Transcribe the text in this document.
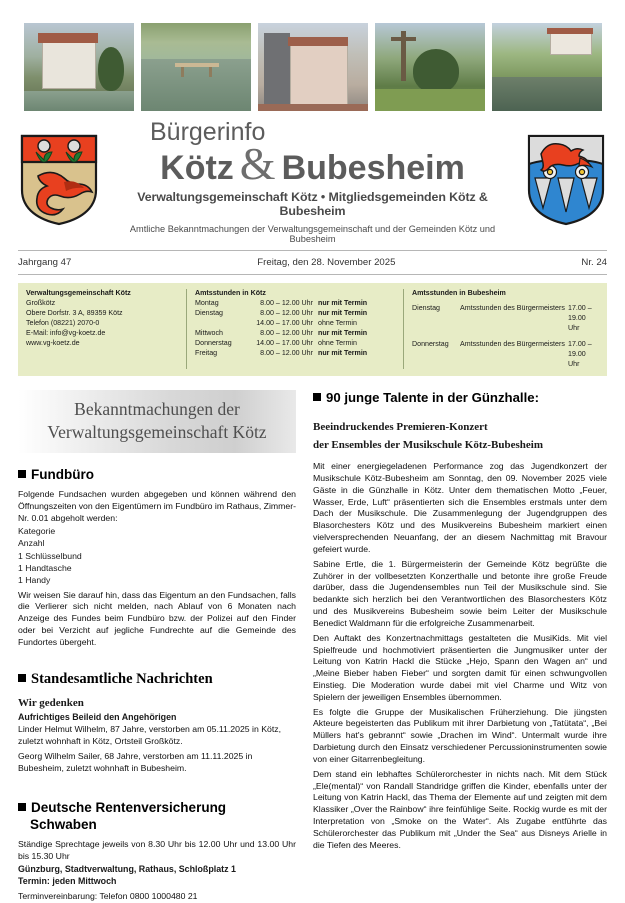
Bürgerinfo
Kötz & Bubesheim
Verwaltungsgemeinschaft Kötz • Mitgliedsgemeinden Kötz & Bubesheim
Amtliche Bekanntmachungen der Verwaltungsgemeinschaft und der Gemeinden Kötz und Bubesheim
Jahrgang 47	Freitag, den 28. November 2025	Nr. 24
Verwaltungsgemeinschaft Kötz
Großkötz
Obere Dorfstr. 3 A, 89359 Kötz
Telefon (08221) 2070-0
E-Mail: info@vg-koetz.de
www.vg-koetz.de
Amtsstunden in Kötz
Montag	8.00 – 12.00 Uhr nur mit Termin
Dienstag	8.00 – 12.00 Uhr nur mit Termin
14.00 – 17.00 Uhr ohne Termin
Mittwoch	8.00 – 12.00 Uhr nur mit Termin
Donnerstag	14.00 – 17.00 Uhr ohne Termin
Freitag	8.00 – 12.00 Uhr nur mit Termin
Amtsstunden in Bubesheim
Dienstag	Amtsstunden des Bürgermeisters 17.00 – 19.00 Uhr
Donnerstag	Amtsstunden des Bürgermeisters 17.00 – 19.00 Uhr
Bekanntmachungen der
Verwaltungsgemeinschaft Kötz
Fundbüro

Folgende Fundsachen wurden abgegeben und können während den Öffnungszeiten von den Eigentümern im Fundbüro im Rathaus, Zimmer-Nr. 0.01 abgeholt werden:

Kategorie
Anzahl
1 Schlüsselbund
1 Handtasche
1 Handy

Wir weisen Sie darauf hin, dass das Eigentum an den Fundsachen, falls die Verlierer sich nicht melden, nach Ablauf von 6 Monaten nach Anzeige des Fundes beim Fundbüro bzw. der Polizei auf den Finder oder bei Verzicht auf jegliche Fundrechte auf die Gemeinde des Fundortes übergeht.

Standesamtliche Nachrichten
Wir gedenken
Aufrichtiges Beileid den Angehörigen

Linder Helmut Wilhelm, 87 Jahre, verstorben am 05.11.2025 in Kötz, zuletzt wohnhaft in Kötz, Ortsteil Großkötz.

Georg Wilhelm Sailer, 68 Jahre, verstorben am 11.11.2025 in Bubesheim, zuletzt wohnhaft in Bubesheim.

Deutsche Rentenversicherung
Schwaben

Ständige Sprechtage jeweils von 8.30 Uhr bis 12.00 Uhr und 13.00 Uhr bis 15.30 Uhr

Günzburg, Stadtverwaltung, Rathaus, Schloßplatz 1
Termin: jeden Mittwoch

Terminvereinbarung: Telefon 0800 1000480 21

90 junge Talente in der Günzhalle:
Beeindruckendes Premieren-Konzert
der Ensembles der Musikschule Kötz-Bubesheim

Mit einer energiegeladenen Performance zog das Jugendkonzert der Musikschule Kötz-Bubesheim am Sonntag, den 09. November 2025 viele Gäste in die Günzhalle in Kötz. Unter dem thematischen Motto „Feuer, Wasser, Erde, Luft“ präsentierten sich die Ensembles erstmals unter dem Dach der Musikschule. Die Zusammenlegung der Jugendgruppen des Blasorchesters Kötz und des Musikvereins Bubesheim markiert einen vielversprechenden Neuanfang, der an diesem Nachmittag mit Bravour gefeiert wurde.

Sabine Ertle, die 1. Bürgermeisterin der Gemeinde Kötz begrüßte die Zuhörer in der vollbesetzten Konzerthalle und betonte ihre große Freude darüber, dass die Jugendensembles nun Teil der Musikschule sind. Sie bedankte sich herzlich bei den Verantwortlichen des Blasorchesters Kötz und des Musikvereins Bubesheim sowie beim Leiter der Musikschule Benedict Waldmann für die erfolgreiche Zusammenarbeit.

Den Auftakt des Konzertnachmittags gestalteten die MusiKids. Mit viel Spielfreude und hochmotiviert präsentierten die Jungmusiker unter der Leitung von Katrin Hackl die Stücke „Hejo, Spann den Wagen an“ und „Meine Bieber haben Fieber“ und sorgten damit für einen schwungvollen Einstieg. Die Moderation wurde dabei mit viel Charme und Witz von Spielern der jeweiligen Ensembles übernommen.

Es folgte die Gruppe der Musikalischen Früherziehung. Die jüngsten Akteure begeisterten das Publikum mit ihrer Darbietung von „Tatütata“, „Bei Müllers hat's gebrannt“ sowie „Drachen im Wind“. Untermalt wurde ihre Darbietung durch den Einsatz verschiedener Percussioninstrumenten sowie von einer Gitarrenbegleitung.

Dem stand ein lebhaftes Schülerorchester in nichts nach. Mit dem Stück „Ele(mental)“ von Randall Standridge griffen die Kinder, ebenfalls unter der Leitung von Katrin Hackl, das Thema der Elemente auf und zeigten mit dem Klassiker „Over the Rainbow“ ihre feinfühlige Seite. Rockig wurde es mit der Interpretation von „Smoke on the Water“. Als Zugabe entführte das Schülerorchester das Publikum mit „Under the Sea“ aus Disneys Arielle in die Tiefen des Meeres.
